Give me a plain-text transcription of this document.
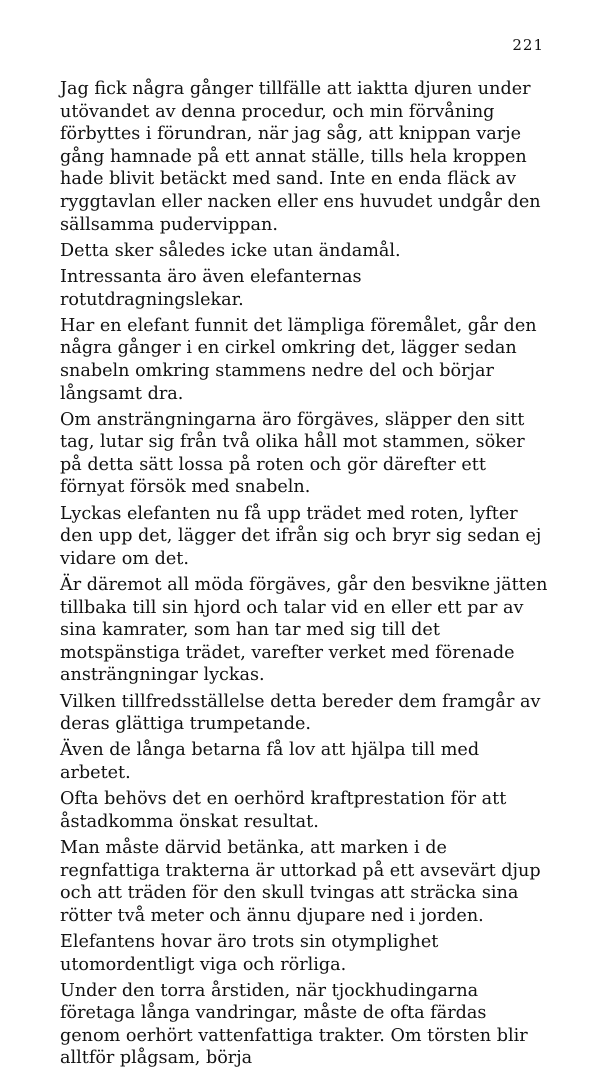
221

Jag fick några gånger tillfälle att iaktta djuren under utövandet av denna procedur, och min förvåning förbyttes i förundran, när jag såg, att knippan varje gång hamnade på ett annat ställe, tills hela kroppen hade blivit betäckt med sand. Inte en enda fläck av ryggtavlan eller nacken eller ens huvudet undgår den sällsamma pudervippan.

Detta sker således icke utan ändamål.

Intressanta äro även elefanternas rotutdragningslekar.

Har en elefant funnit det lämpliga föremålet, går den några gånger i en cirkel omkring det, lägger sedan snabeln omkring stammens nedre del och börjar långsamt dra.

Om ansträngningarna äro förgäves, släpper den sitt tag, lutar sig från två olika håll mot stammen, söker på detta sätt lossa på roten och gör därefter ett förnyat försök med snabeln.

Lyckas elefanten nu få upp trädet med roten, lyfter den upp det, lägger det ifrån sig och bryr sig sedan ej vidare om det.

Är däremot all möda förgäves, går den besvikne jätten tillbaka till sin hjord och talar vid en eller ett par av sina kamrater, som han tar med sig till det motspänstiga trädet, varefter verket med förenade ansträngningar lyckas.

Vilken tillfredsställelse detta bereder dem framgår av deras glättiga trumpetande.

Även de långa betarna få lov att hjälpa till med arbetet.

Ofta behövs det en oerhörd kraftprestation för att åstadkomma önskat resultat.

Man måste därvid betänka, att marken i de regnfattiga trakterna är uttorkad på ett avsevärt djup och att träden för den skull tvingas att sträcka sina rötter två meter och ännu djupare ned i jorden.

Elefantens hovar äro trots sin otymplighet utomordentligt viga och rörliga.

Under den torra årstiden, när tjockhudingarna företaga långa vandringar, måste de ofta färdas genom oerhört vattenfattiga trakter. Om törsten blir alltför plågsam, börja
